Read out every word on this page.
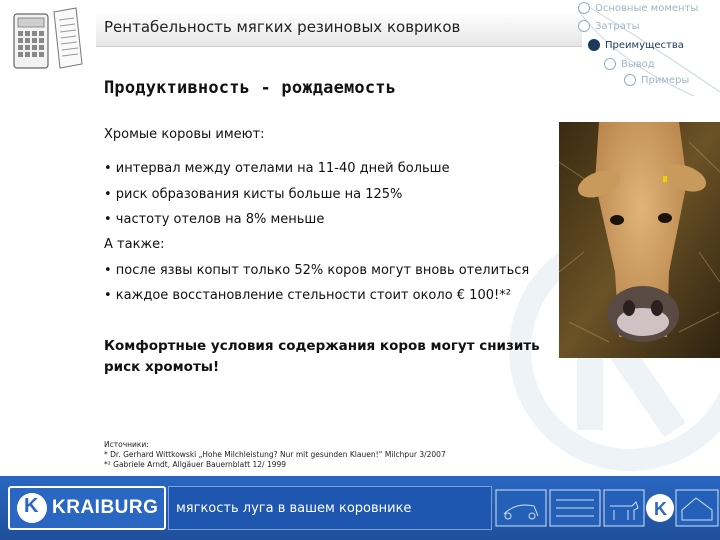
Рентабельность мягких резиновых ковриков
Основные моменты
Затраты
Преимущества
Вывод
Примеры
Продуктивность - рождаемость

Хромые коровы имеют:

• интервал между отелами на 11-40 дней больше

• риск образования кисты больше на 125%

• частоту отелов на 8% меньше

А также:

• после язвы копыт только 52% коров могут вновь отелиться

• каждое восстановление стельности стоит около € 100!*²

Комфортные условия содержания коров могут снизить риск хромоты!
Источники:
* Dr. Gerhard Wittkowski „Hohe Milchleistung? Nur mit gesunden Klauen!“ Milchpur 3/2007
*² Gabriele Arndt, Allgäuer Bauernblatt 12/ 1999
K KRAIBURG мягкость луга в вашем коровнике	K
